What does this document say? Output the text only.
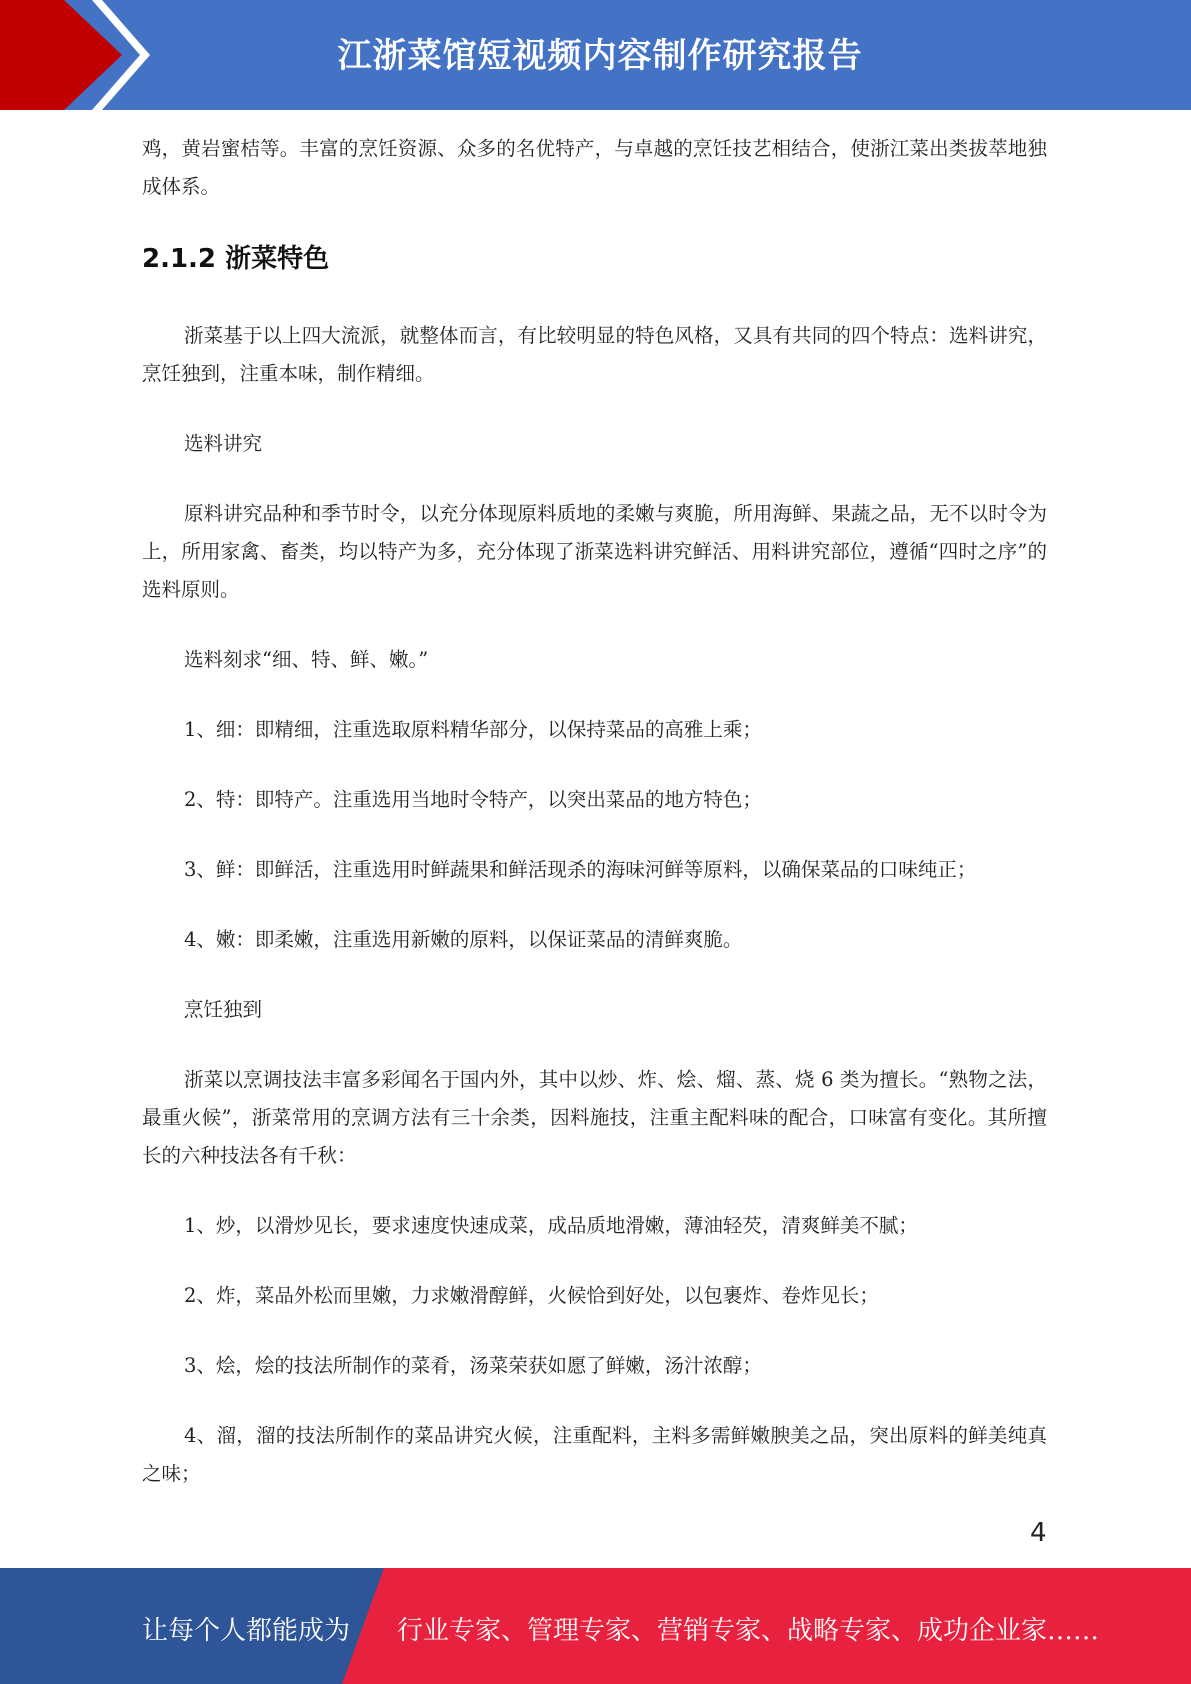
江浙菜馆短视频内容制作研究报告

鸡，黄岩蜜桔等。丰富的烹饪资源、众多的名优特产，与卓越的烹饪技艺相结合，使浙江菜出类拔萃地独成体系。

2.1.2 浙菜特色

浙菜基于以上四大流派，就整体而言，有比较明显的特色风格，又具有共同的四个特点：选料讲究，烹饪独到，注重本味，制作精细。

选料讲究

原料讲究品种和季节时令，以充分体现原料质地的柔嫩与爽脆，所用海鲜、果蔬之品，无不以时令为上，所用家禽、畜类，均以特产为多，充分体现了浙菜选料讲究鲜活、用料讲究部位，遵循“四时之序”的选料原则。

选料刻求“细、特、鲜、嫩。”

1、细：即精细，注重选取原料精华部分，以保持菜品的高雅上乘；

2、特：即特产。注重选用当地时令特产，以突出菜品的地方特色；

3、鲜：即鲜活，注重选用时鲜蔬果和鲜活现杀的海味河鲜等原料，以确保菜品的口味纯正；

4、嫩：即柔嫩，注重选用新嫩的原料，以保证菜品的清鲜爽脆。

烹饪独到

浙菜以烹调技法丰富多彩闻名于国内外，其中以炒、炸、烩、熘、蒸、烧 6 类为擅长。“熟物之法，最重火候”，浙菜常用的烹调方法有三十余类，因料施技，注重主配料味的配合，口味富有变化。其所擅长的六种技法各有千秋：

1、炒，以滑炒见长，要求速度快速成菜，成品质地滑嫩，薄油轻芡，清爽鲜美不腻；

2、炸，菜品外松而里嫩，力求嫩滑醇鲜，火候恰到好处，以包裹炸、卷炸见长；

3、烩，烩的技法所制作的菜肴，汤菜荣获如愿了鲜嫩，汤汁浓醇；

4、溜，溜的技法所制作的菜品讲究火候，注重配料，主料多需鲜嫩腴美之品，突出原料的鲜美纯真之味；

4
让每个人都能成为 行业专家、管理专家、营销专家、战略专家、成功企业家……
